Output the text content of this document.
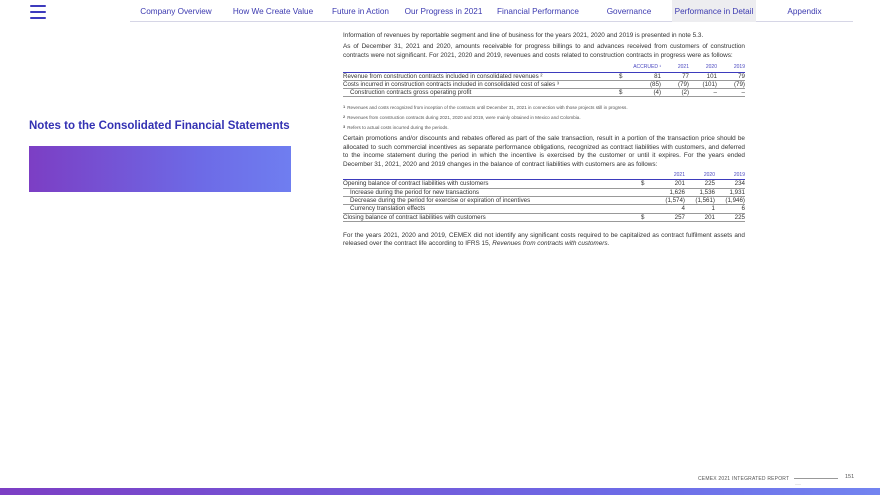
Company Overview	How We Create Value	Future in Action	Our Progress in 2021	Financial Performance	Governance	Performance in Detail	Appendix
Notes to the Consolidated Financial Statements

Information of revenues by reportable segment and line of business for the years 2021, 2020 and 2019 is presented in note 5.3.

As of December 31, 2021 and 2020, amounts receivable for progress billings to and advances received from customers of construction contracts were not significant. For 2021, 2020 and 2019, revenues and costs related to construction contracts in progress were as follows:

		ACCRUED ¹	2021	2020	2019
Revenue from construction contracts included in consolidated revenues ²	$	81	77	101	79
Costs incurred in construction contracts included in consolidated cost of sales ³		(85)	(79)	(101)	(79)
Construction contracts gross operating profit	$	(4)	(2)	–	–
$^1$ Revenues and costs recognized from inception of the contracts until December 31, 2021 in connection with those projects still in progress.
$^2$ Revenues from construction contracts during 2021, 2020 and 2019, were mainly obtained in Mexico and Colombia.
$^3$ Refers to actual costs incurred during the periods.

Certain promotions and/or discounts and rebates offered as part of the sale transaction, result in a portion of the transaction price should be allocated to such commercial incentives as separate performance obligations, recognized as contract liabilities with customers, and deferred to the income statement during the period in which the incentive is exercised by the customer or until it expires. For the years ended December 31, 2021, 2020 and 2019 changes in the balance of contract liabilities with customers are as follows:

		2021	2020	2019
Opening balance of contract liabilities with customers	$	201	225	234
Increase during the period for new transactions		1,626	1,536	1,931
Decrease during the period for exercise or expiration of incentives		(1,574)	(1,561)	(1,946)
Currency translation effects		4	1	6
Closing balance of contract liabilities with customers	$	257	201	225

For the years 2021, 2020 and 2019, CEMEX did not identify any significant costs required to be capitalized as contract fulfilment assets and released over the contract life according to IFRS 15, Revenues from contracts with customers.

CEMEX 2021 INTEGRATED REPORT
——
151
